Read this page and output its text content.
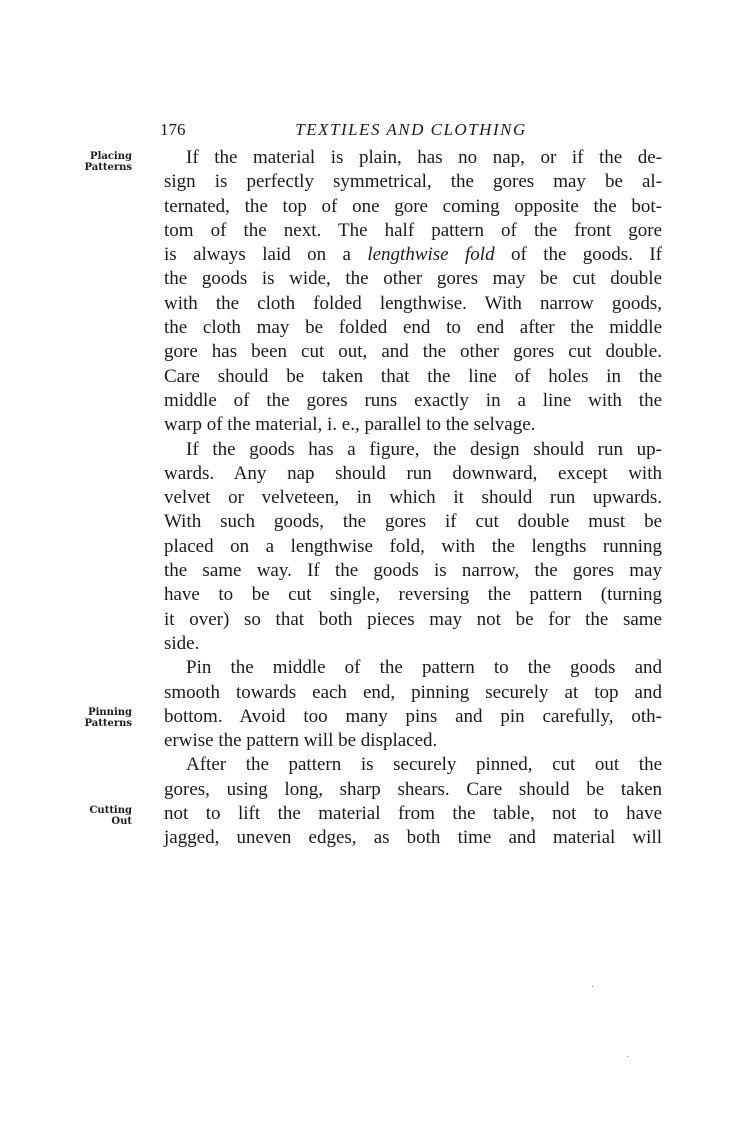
176	TEXTILES AND CLOTHING
Placing
Patterns
Pinning
Patterns
Cutting
Out
If the material is plain, has no nap, or if the de-
sign is perfectly symmetrical, the gores may be al-
ternated, the top of one gore coming opposite the bot-
tom of the next. The half pattern of the front gore
is always laid on a lengthwise fold of the goods. If
the goods is wide, the other gores may be cut double
with the cloth folded lengthwise. With narrow goods,
the cloth may be folded end to end after the middle
gore has been cut out, and the other gores cut double.
Care should be taken that the line of holes in the
middle of the gores runs exactly in a line with the
warp of the material, i. e., parallel to the selvage.
If the goods has a figure, the design should run up-
wards. Any nap should run downward, except with
velvet or velveteen, in which it should run upwards.
With such goods, the gores if cut double must be
placed on a lengthwise fold, with the lengths running
the same way. If the goods is narrow, the gores may
have to be cut single, reversing the pattern (turning
it over) so that both pieces may not be for the same
side.
Pin the middle of the pattern to the goods and
smooth towards each end, pinning securely at top and
bottom. Avoid too many pins and pin carefully, oth-
erwise the pattern will be displaced.
After the pattern is securely pinned, cut out the
gores, using long, sharp shears. Care should be taken
not to lift the material from the table, not to have
jagged, uneven edges, as both time and material will
